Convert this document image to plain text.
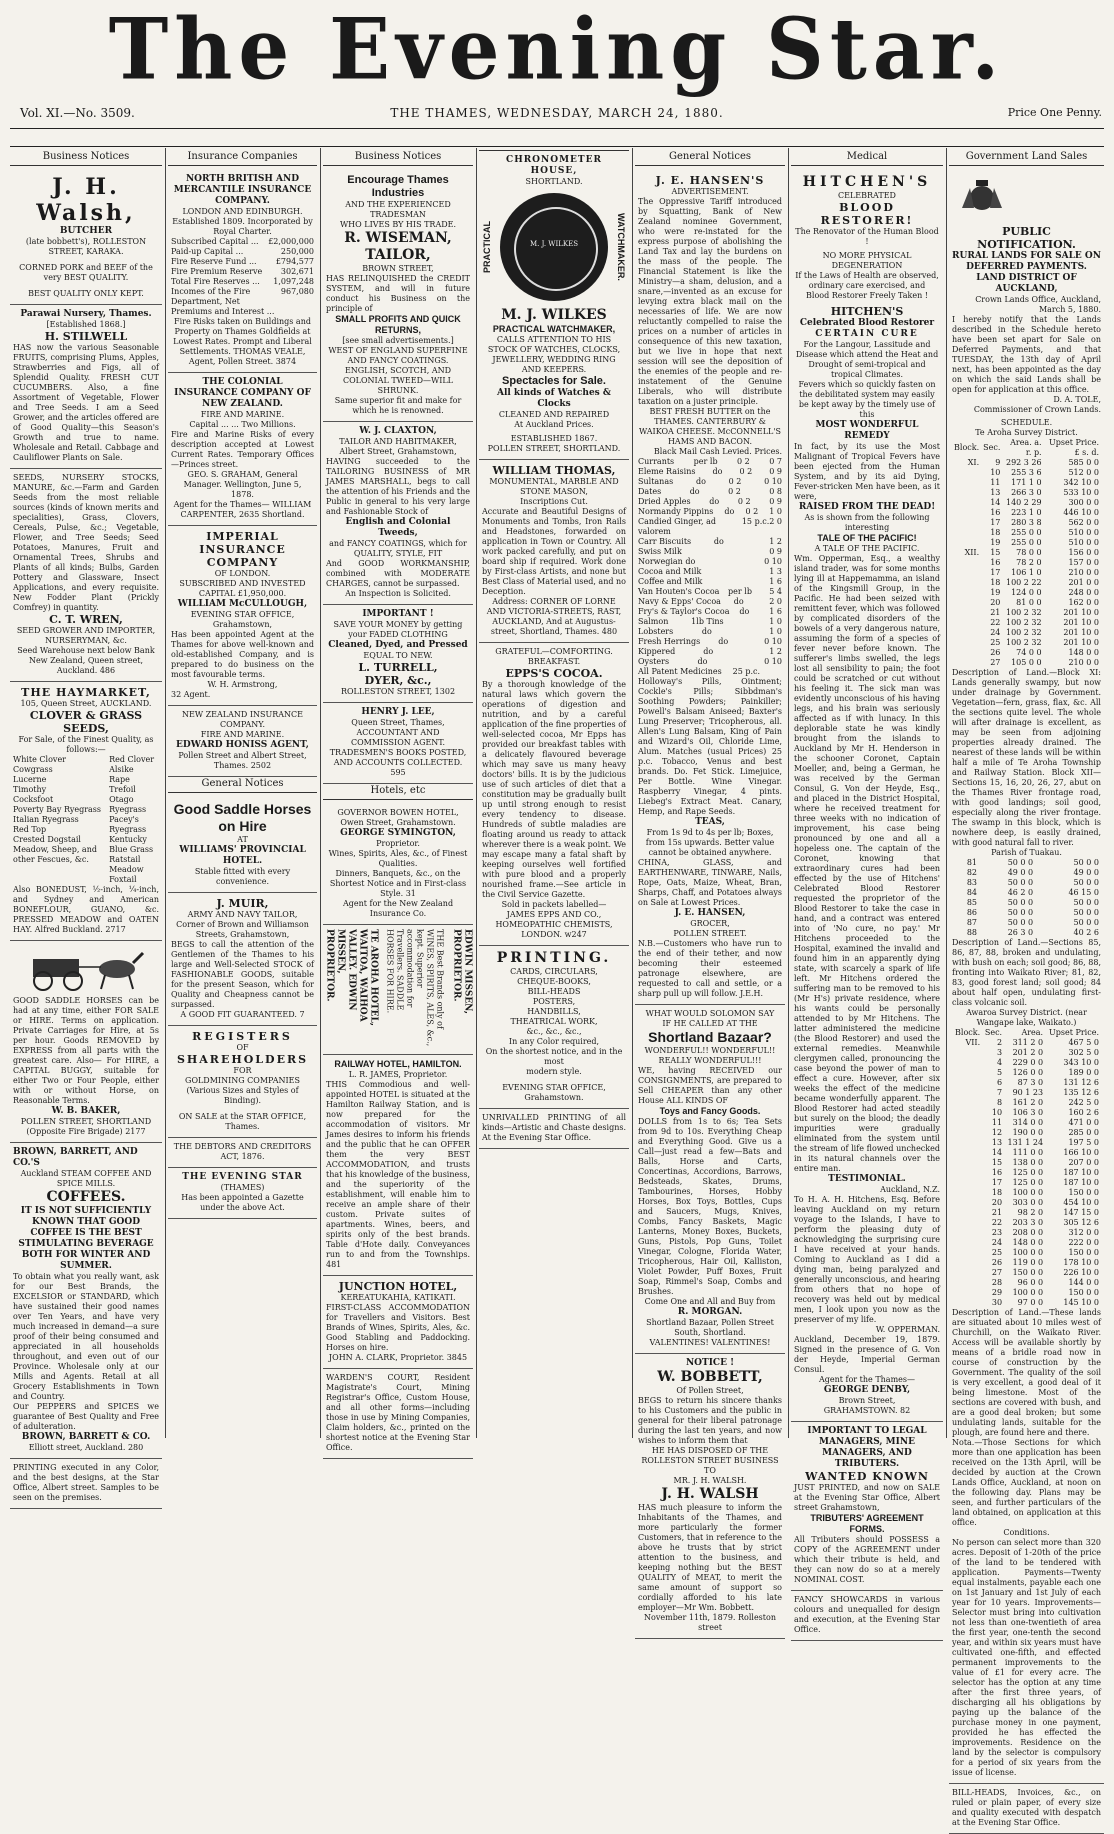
The Evening Star.
Vol. XI.—No. 3509.	THE THAMES, WEDNESDAY, MARCH 24, 1880.	Price One Penny.
Business Notices
J. H. Walsh,
BUTCHER
(late bobbett's), ROLLESTON STREET, KARAKA.
CORNED PORK and BEEF of the very BEST QUALITY.
BEST QUALITY ONLY KEPT.
Parawai Nursery, Thames.
[Established 1868.]
H. STILWELL
HAS now the various Seasonable FRUITS, comprising Plums, Apples, Strawberries and Figs, all of Splendid Quality. FRESH CUT CUCUMBERS. Also, a fine Assortment of Vegetable, Flower and Tree Seeds. I am a Seed Grower, and the articles offered are of Good Quality—this Season's Growth and true to name. Wholesale and Retail. Cabbage and Cauliflower Plants on Sale.
SEEDS, NURSERY STOCKS, MANURE, &c.—Farm and Garden Seeds from the most reliable sources (kinds of known merits and specialities), Grass, Clovers, Cereals, Pulse, &c.; Vegetable, Flower, and Tree Seeds; Seed Potatoes, Manures, Fruit and Ornamental Trees, Shrubs and Plants of all kinds; Bulbs, Garden Pottery and Glassware, Insect Applications, and every requisite. New Fodder Plant (Prickly Comfrey) in quantity.
C. T. WREN,
SEED GROWER AND IMPORTER, NURSERYMAN, &c.
Seed Warehouse next below Bank New Zealand, Queen street, Auckland. 486
THE HAYMARKET,
105, Queen Street, AUCKLAND.
CLOVER & GRASS SEEDS,
For Sale, of the Finest Quality, as follows:—
White Clover
Cowgrass
Lucerne
Timothy
Cocksfoot
Poverty Bay Ryegrass
Italian Ryegrass
Red Top
Crested Dogstail
Meadow, Sheep, and other Fescues, &c.
Red Clover
Alsike
Rape
Trefoil
Otago Ryegrass
Pacey's Ryegrass
Kentucky Blue Grass
Ratstail
Meadow Foxtail
Also BONEDUST, ½-inch, ¼-inch, and Sydney and American BONEFLOUR, GUANO, &c. PRESSED MEADOW and OATEN HAY. Alfred Buckland. 2717
GOOD SADDLE HORSES can be had at any time, either FOR SALE or HIRE. Terms on application. Private Carriages for Hire, at 5s per hour. Goods REMOVED by EXPRESS from all parts with the greatest care. Also— For HIRE, a CAPITAL BUGGY, suitable for either Two or Four People, either with or without Horse, on Reasonable Terms.
W. B. BAKER,
POLLEN STREET, SHORTLAND (Opposite Fire Brigade) 2177
BROWN, BARRETT, AND CO.'S
Auckland STEAM COFFEE AND SPICE MILLS.
COFFEES.
IT IS NOT SUFFICIENTLY KNOWN THAT GOOD COFFEE IS THE BEST STIMULATING BEVERAGE BOTH FOR WINTER AND SUMMER.
To obtain what you really want, ask for our Best Brands, the EXCELSIOR or STANDARD, which have sustained their good names over Ten Years, and have very much increased in demand—a sure proof of their being consumed and appreciated in all households throughout, and even out of our Province. Wholesale only at our Mills and Agents. Retail at all Grocery Establishments in Town and Country.
Our PEPPERS and SPICES we guarantee of Best Quality and Free of adulteration.
BROWN, BARRETT & CO.
Elliott street, Auckland. 280
PRINTING executed in any Color, and the best designs, at the Star Office, Albert street. Samples to be seen on the premises.
Insurance Companies
NORTH BRITISH AND MERCANTILE INSURANCE COMPANY.
LONDON AND EDINBURGH.
Established 1809. Incorporated by Royal Charter.
Subscribed Capital ... £2,000,000
Paid-up Capital ...	250,000
Fire Reserve Fund ... £794,577
Fire Premium Reserve 302,671
Total Fire Reserves ... 1,097,248
Incomes of the Fire Department, Net Premiums and Interest ...
967,080
Fire Risks taken on Buildings and Property on Thames Goldfields at Lowest Rates. Prompt and Liberal Settlements. THOMAS VEALE, Agent, Pollen Street. 3874
THE COLONIAL INSURANCE COMPANY OF NEW ZEALAND.
FIRE AND MARINE.
Capital ... ... Two Millions.
Fire and Marine Risks of every description accepted at Lowest Current Rates. Temporary Offices—Princes street.
GEO. S. GRAHAM, General Manager. Wellington, June 5, 1878.
Agent for the Thames— WILLIAM CARPENTER, 2635 Shortland.
IMPERIAL
INSURANCE COMPANY
OF LONDON.
SUBSCRIBED AND INVESTED CAPITAL £1,950,000.
WILLIAM McCULLOUGH,
EVENING STAR OFFICE,
Grahamstown,
Has been appointed Agent at the Thames for above well-known and old-established Company, and is prepared to do business on the most favourable terms.
W. H. Armstrong,
32 Agent.
NEW ZEALAND INSURANCE COMPANY.
FIRE AND MARINE.
EDWARD HONISS AGENT,
Pollen Street and Albert Street, Thames. 2502
General Notices
Good Saddle Horses on Hire
AT
WILLIAMS' PROVINCIAL HOTEL.
Stable fitted with every convenience.
J. MUIR,
ARMY AND NAVY TAILOR,
Corner of Brown and Williamson Streets, Grahamstown,
BEGS to call the attention of the Gentlemen of the Thames to his large and Well-Selected STOCK of FASHIONABLE GOODS, suitable for the present Season, which for Quality and Cheapness cannot be surpassed.
A GOOD FIT GUARANTEED. 7
REGISTERS
OF
SHAREHOLDERS
FOR
GOLDMINING COMPANIES
(Various Sizes and Styles of Binding).
ON SALE at the STAR OFFICE, Thames.
THE DEBTORS AND CREDITORS
ACT, 1876.
THE EVENING STAR
(THAMES)
Has been appointed a Gazette under the above Act.
Business Notices
Encourage Thames Industries
AND THE EXPERIENCED TRADESMAN
WHO LIVES BY HIS TRADE.
R. WISEMAN, TAILOR,
BROWN STREET,
HAS RELINQUISHED the CREDIT SYSTEM, and will in future conduct his Business on the principle of
SMALL PROFITS AND QUICK RETURNS,
[see small advertisements.]
WEST OF ENGLAND SUPERFINE AND FANCY COATINGS. ENGLISH, SCOTCH, AND COLONIAL TWEED—WILL SHRUNK.
Same superior fit and make for which he is renowned.
W. J. CLAXTON,
TAILOR AND HABITMAKER,
Albert Street, Grahamstown,
HAVING succeeded to the TAILORING BUSINESS of MR JAMES MARSHALL, begs to call the attention of his Friends and the Public in general to his very large and Fashionable Stock of
English and Colonial Tweeds,
and FANCY COATINGS, which for
QUALITY, STYLE, FIT
And GOOD WORKMANSHIP, combined with MODERATE CHARGES, cannot be surpassed.
An Inspection is Solicited.
IMPORTANT !
SAVE YOUR MONEY by getting your FADED CLOTHING
Cleaned, Dyed, and Pressed
EQUAL TO NEW.
L. TURRELL,
DYER, &c.,
ROLLESTON STREET, 1302
HENRY J. LEE,
Queen Street, Thames,
ACCOUNTANT AND COMMISSION AGENT.
TRADESMEN'S BOOKS POSTED, AND ACCOUNTS COLLECTED. 595
Hotels, etc
GOVERNOR BOWEN HOTEL,
Owen Street, Grahamstown.
GEORGE SYMINGTON,
Proprietor.
Wines, Spirits, Ales, &c., of Finest Qualities.
Dinners, Banquets, &c., on the Shortest Notice and in First-class Style. 31
Agent for the New Zealand Insurance Co.
TE AROHA HOTEL, WAITOA, WAIHOA VALLEY. EDWIN MISSEN, PROPRIETOR.	THE Best Brands only of WINES, SPIRITS, ALES, &c., kept. Superior accommodation for Travellers. SADDLE HORSES FOR HIRE.	EDWIN MISSEN, PROPRIETOR.
RAILWAY HOTEL, HAMILTON.
L. R. JAMES, Proprietor.
THIS Commodious and well-appointed HOTEL is situated at the Hamilton Railway Station, and is now prepared for the accommodation of visitors. Mr James desires to inform his friends and the public that he can OFFER them the very BEST ACCOMMODATION, and trusts that his knowledge of the business, and the superiority of the establishment, will enable him to receive an ample share of their custom. Private suites of apartments. Wines, beers, and spirits only of the best brands. Table d'Hote daily. Conveyances run to and from the Townships. 481
JUNCTION HOTEL,
KEREATUKAHIA, KATIKATI.
FIRST-CLASS ACCOMMODATION for Travellers and Visitors. Best Brands of Wines, Spirits, Ales, &c. Good Stabling and Paddocking. Horses on hire.
JOHN A. CLARK, Proprietor. 3845
WARDEN'S COURT, Resident Magistrate's Court, Mining Registrar's Office, Custom House, and all other forms—including those in use by Mining Companies, Claim holders, &c., printed on the shortest notice at the Evening Star Office.
CHRONOMETER HOUSE,
SHORTLAND.
PRACTICAL	M. J. WILKES	WATCHMAKER.
M. J. WILKES
PRACTICAL WATCHMAKER,
CALLS ATTENTION TO HIS STOCK OF WATCHES, CLOCKS, JEWELLERY, WEDDING RING AND KEEPERS.
Spectacles for Sale.
All kinds of Watches & Clocks
CLEANED AND REPAIRED
At Auckland Prices.
ESTABLISHED 1867.
POLLEN STREET, SHORTLAND.
WILLIAM THOMAS,
MONUMENTAL, MARBLE AND STONE MASON,
Inscriptions Cut.
Accurate and Beautiful Designs of Monuments and Tombs, Iron Rails and Headstones, forwarded on application in Town or Country. All work packed carefully, and put on board ship if required. Work done by First-class Artists, and none but Best Class of Material used, and no Deception.
Address: CORNER OF LORNE AND VICTORIA-STREETS, RAST, AUCKLAND, And at Augustus-street, Shortland, Thames. 480
GRATEFUL—COMFORTING.
BREAKFAST.
EPPS'S COCOA.
By a thorough knowledge of the natural laws which govern the operations of digestion and nutrition, and by a careful application of the fine properties of well-selected cocoa, Mr Epps has provided our breakfast tables with a delicately flavoured beverage which may save us many heavy doctors' bills. It is by the judicious use of such articles of diet that a constitution may be gradually built up until strong enough to resist every tendency to disease. Hundreds of subtle maladies are floating around us ready to attack wherever there is a weak point. We may escape many a fatal shaft by keeping ourselves well fortified with pure blood and a properly nourished frame.—See article in the Civil Service Gazette.
Sold in packets labelled—
JAMES EPPS AND CO.,
HOMEOPATHIC CHEMISTS,
LONDON. w247
PRINTING.
CARDS, CIRCULARS,
CHEQUE-BOOKS,
BILL-HEADS
POSTERS,
HANDBILLS,
THEATRICAL WORK,
&c., &c., &c.,
In any Color required,
On the shortest notice, and in the most
modern style.
EVENING STAR OFFICE,
Grahamstown.
UNRIVALLED PRINTING of all kinds—Artistic and Chaste designs. At the Evening Star Office.
General Notices
J. E. HANSEN'S
ADVERTISEMENT.
The Oppressive Tariff introduced by Squatting, Bank of New Zealand nominee Government, who were re-instated for the express purpose of abolishing the Land Tax and lay the burdens on the mass of the people. The Financial Statement is like the Ministry—a sham, delusion, and a snare,—invented as an excuse for levying extra black mail on the necessaries of life. We are now reluctantly compelled to raise the prices on a number of articles in consequence of this new taxation, but we live in hope that next session will see the deposition of the enemies of the people and re-instatement of the Genuine Liberals, who will distribute taxation on a juster principle.
BEST FRESH BUTTER on the THAMES. CANTERBURY & WAIKOA CHEESE. McCONNELL'S HAMS AND BACON.
Black Mail Cash Levied. Prices.
Currants per lb 0 2 0 7
Eleme Raisins do 0 2 0 9
Sultanas	do	0 2	0 10
Dates	do	0 2	0 8
Dried Apples do 0 2 0 9
Normandy Pippins do 0 2 1 0
Candied Ginger, ad valorem
15 p.c. 2 0
Carr Biscuits	do	1 2
Swiss Milk	0 9
Norwegian do	0 10
Cocoa and Milk	1 3
Coffee and Milk	1 6
Van Houten's Cocoa per lb 5 4
Navy & Epps' Cocoa do	2 0
Fry's & Taylor's Cocoa do 1 6
Salmon	1lb Tins	1 0
Lobsters	do	1 0
Fresh Herrings do	0 10
Kippered	do	1 2
Oysters	do	0 10
All Patent Medicines 25 p.c.
Holloway's Pills, Ointment; Cockle's Pills; Sibbdman's Soothing Powders; Painkiller; Powell's Balsam Aniseed; Baxter's Lung Preserver; Tricopherous, all. Allen's Lung Balsam, King of Pain and Wizard's Oil, Chloride Lime, Alum. Matches (usual Prices) 25 p.c. Tobacco, Venus and best brands. Do. Fet Stick. Limejuice, Per Bottle. Wine Vinegar. Raspberry Vinegar, 4 pints. Liebeg's Extract Meat. Canary, Hemp, and Rape Seeds.
TEAS,
From 1s 9d to 4s per lb; Boxes, from 15s upwards. Better value cannot be obtained anywhere.
CHINA, GLASS, and EARTHENWARE, TINWARE, Nails, Rope, Oats, Maize, Wheat, Bran, Sharps, Chaff, and Potatoes always on Sale at Lowest Prices.
J. E. HANSEN,
GROCER,
POLLEN STREET.
N.B.—Customers who have run to the end of their tether, and now becoming their esteemed patronage elsewhere, are requested to call and settle, or a sharp pull up will follow. J.E.H.
WHAT WOULD SOLOMON SAY
IF HE CALLED AT THE
Shortland Bazaar?
WONDERFUL!! WONDERFUL!! REALLY WONDERFUL!!!
WE, having RECEIVED our CONSIGNMENTS, are prepared to Sell CHEAPER than any other House ALL KINDS OF
Toys and Fancy Goods.
DOLLS from 1s to 6s; Tea Sets from 9d to 10s. Everything Cheap and Everything Good. Give us a Call—just read a few—Bats and Balls, Horse and Carts, Concertinas, Accordions, Barrows, Bedsteads, Skates, Drums, Tambourines, Horses, Hobby Horses, Box Toys, Bottles, Cups and Saucers, Mugs, Knives, Combs, Fancy Baskets, Magic Lanterns, Money Boxes, Buckets, Guns, Pistols, Pop Guns, Toilet Vinegar, Cologne, Florida Water, Tricopherous, Hair Oil, Kalliston, Violet Powder, Puff Boxes, Fruit Soap, Rimmel's Soap, Combs and Brushes.
Come One and All and Buy from
R. MORGAN.
Shortland Bazaar, Pollen Street South, Shortland.
VALENTINES! VALENTINES!
NOTICE !
W. BOBBETT,
Of Pollen Street,
BEGS to return his sincere thanks to his Customers and the public in general for their liberal patronage during the last ten years, and now wishes to inform them that
HE HAS DISPOSED OF THE
ROLLESTON STREET BUSINESS
TO
MR. J. H. WALSH.
J. H. WALSH
HAS much pleasure to inform the Inhabitants of the Thames, and more particularly the former Customers, that in reference to the above he trusts that by strict attention to the business, and keeping nothing but the BEST QUALITY of MEAT, to merit the same amount of support so cordially afforded to his late employer—Mr Wm. Bobbett.
November 11th, 1879. Rolleston street
Medical
HITCHEN'S
CELEBRATED
BLOOD RESTORER!
The Renovator of the Human Blood !
NO MORE PHYSICAL DEGENERATION
If the Laws of Health are observed, ordinary care exercised, and
Blood Restorer Freely Taken !
HITCHEN'S
Celebrated Blood Restorer
CERTAIN CURE
For the Langour, Lassitude and Disease which attend the Heat and Drought of semi-tropical and tropical Climates.
Fevers which so quickly fasten on the debilitated system may easily be kept away by the timely use of this
MOST WONDERFUL REMEDY
In fact, by its use the Most Malignant of Tropical Fevers have been ejected from the Human System, and by its aid Dying, Fever-stricken Men have been, as it were,
RAISED FROM THE DEAD!
As is shown from the following interesting
TALE OF THE PACIFIC!
A TALE OF THE PACIFIC.
Wm. Opperman, Esq., a wealthy island trader, was for some months lying ill at Happemamma, an island of the Kingsmill Group, in the Pacific. He had been seized with remittent fever, which was followed by complicated disorders of the bowels of a very dangerous nature, assuming the form of a species of fever never before known. The sufferer's limbs swelled, the legs lost all sensibility to pain; the foot could be scratched or cut without his feeling it. The sick man was evidently unconscious of his having legs, and his brain was seriously affected as if with lunacy. In this deplorable state he was kindly brought from the islands to Auckland by Mr H. Henderson in the schooner Coronet, Captain Moeller, and, being a German, he was received by the German Consul, G. Von der Heyde, Esq., and placed in the District Hospital, where he received treatment for three weeks with no indication of improvement, his case being pronounced by one and all a hopeless one. The captain of the Coronet, knowing that extraordinary cures had been effected by the use of Hitchens' Celebrated Blood Restorer requested the proprietor of the Blood Restorer to take the case in hand, and a contract was entered into of 'No cure, no pay.' Mr Hitchens proceeded to the Hospital, examined the invalid and found him in an apparently dying state, with scarcely a spark of life left. Mr Hitchens ordered the suffering man to be removed to his (Mr H's) private residence, where his wants could be personally attended to by Mr Hitchens. The latter administered the medicine (the Blood Restorer) and used the external remedies. Meanwhile clergymen called, pronouncing the case beyond the power of man to effect a cure. However, after six weeks the effect of the medicine became wonderfully apparent. The Blood Restorer had acted steadily but surely on the blood; the deadly impurities were gradually eliminated from the system until the stream of life flowed unchecked in its natural channels over the entire man.
TESTIMONIAL.
Auckland, N.Z.
To H. A. H. Hitchens, Esq. Before leaving Auckland on my return voyage to the Islands, I have to perform the pleasing duty of acknowledging the surprising cure I have received at your hands. Coming to Auckland as I did a dying man, being paralyzed and generally unconscious, and hearing from others that no hope of recovery was held out by medical men, I look upon you now as the preserver of my life.
W. OPPERMAN.
Auckland, December 19, 1879. Signed in the presence of G. Von der Heyde, Imperial German Consul.
Agent for the Thames—
GEORGE DENBY,
Brown Street,
GRAHAMSTOWN. 82
IMPORTANT TO LEGAL MANAGERS, MINE MANAGERS, AND TRIBUTERS.
WANTED KNOWN
JUST PRINTED, and now on SALE at the Evening Star Office, Albert street Grahamstown,
TRIBUTERS' AGREEMENT FORMS.
All Tributers should POSSESS a COPY of the AGREEMENT under which their tribute is held, and they can now do so at a merely NOMINAL COST.
FANCY SHOWCARDS in various colours and unequalled for design and execution, at the Evening Star Office.
Government Land Sales
PUBLIC NOTIFICATION.
RURAL LANDS FOR SALE ON DEFERRED PAYMENTS.
LAND DISTRICT OF AUCKLAND,
Crown Lands Office, Auckland, March 5, 1880.
I hereby notify that the Lands described in the Schedule hereto have been set apart for Sale on Deferred Payments, and that TUESDAY, the 13th day of April next, has been appointed as the day on which the said Lands shall be open for application at this office.
D. A. TOLE,
Commissioner of Crown Lands.
SCHEDULE.
Te Aroha Survey District.
Block.	Sec.	Area. a. r. p.	Upset Price. £ s. d.
XI.	9	292 3 26	585 0 0
	10	255 3 6	512 0 0
	11	171 1 0	342 10 0
	13	266 3 0	533 10 0
	14	140 2 29	300 0 0
	16	223 1 0	446 10 0
	17	280 3 8	562 0 0
	18	255 0 0	510 0 0
	19	255 0 0	510 0 0
XII.	15	78 0 0	156 0 0
	16	78 2 0	157 0 0
	17	106 1 0	210 0 0
	18	100 2 22	201 0 0
	19	124 0 0	248 0 0
	20	81 0 0	162 0 0
	21	100 2 32	201 10 0
	22	100 2 32	201 10 0
	24	100 2 32	201 10 0
	25	100 2 32	201 10 0
	26	74 0 0	148 0 0
	27	105 0 0	210 0 0
Description of Land.—Block XI: Lands generally swampy, but now under drainage by Government. Vegetation—fern, grass, flax, &c. All the sections quite level. The whole will after drainage is excellent, as may be seen from adjoining properties already drained. The nearest of these lands will be within half a mile of Te Aroha Township and Railway Station. Block XII—Sections 15, 16, 20, 26, 27, abut on the Thames River frontage road, with good landings; soil good, especially along the river frontage. The swamp in this block, which is nowhere deep, is easily drained, with good natural fall to river.
Parish of Tuakau.
81	50 0 0	50 0 0
82	49 0 0	49 0 0
83	50 0 0	50 0 0
84	46 2 0	46 15 0
85	50 0 0	50 0 0
86	50 0 0	50 0 0
87	50 0 0	50 0 0
88	26 3 0	40 2 6
Description of Land.—Sections 85, 86, 87, 88, broken and undulating, with bush on each; soil good; 86, 88, fronting into Waikato River; 81, 82, 83, good forest land; soil good; 84 about half open, undulating first-class volcanic soil.
Awaroa Survey District. (near Wangape lake, Waikato.)
Block.	Sec.	Area.	Upset Price.
VII.	2	311 2 0	467 5 0
	3	201 2 0	302 5 0
	4	229 0 0	343 10 0
	5	126 0 0	189 0 0
	6	87 3 0	131 12 6
	7	90 1 23	135 12 6
	8	161 2 0	242 5 0
	10	106 3 0	160 2 6
	11	314 0 0	471 0 0
	12	190 0 0	285 0 0
	13	131 1 24	197 5 0
	14	111 0 0	166 10 0
	15	138 0 0	207 0 0
	16	125 0 0	187 10 0
	17	125 0 0	187 10 0
	18	100 0 0	150 0 0
	20	303 0 0	454 10 0
	21	98 2 0	147 15 0
	22	203 3 0	305 12 6
	23	208 0 0	312 0 0
	24	148 0 0	222 0 0
	25	100 0 0	150 0 0
	26	119 0 0	178 10 0
	27	150 0 0	226 10 0
	28	96 0 0	144 0 0
	29	100 0 0	150 0 0
	30	97 0 0	145 10 0
Description of Land.—These lands are situated about 10 miles west of Churchill, on the Waikato River. Access will be available shortly by means of a bridle road now in course of construction by the Government. The quality of the soil is very excellent, a good deal of it being limestone. Most of the sections are covered with bush, and are a good deal broken; but some undulating lands, suitable for the plough, are found here and there.
Nota.—Those Sections for which more than one application has been received on the 13th April, will be decided by auction at the Crown Lands Office, Auckland, at noon on the following day. Plans may be seen, and further particulars of the land obtained, on application at this office.
Conditions.
No person can select more than 320 acres. Deposit of 1-20th of the price of the land to be tendered with application. Payments—Twenty equal instalments, payable each one on 1st January and 1st July of each year for 10 years. Improvements—Selector must bring into cultivation not less than one-twentieth of area the first year, one-tenth the second year, and within six years must have cultivated one-fifth, and effected permanent improvements to the value of £1 for every acre. The selector has the option at any time after the first three years, of discharging all his obligations by paying up the balance of the purchase money in one payment, provided he has effected the improvements. Residence on the land by the selector is compulsory for a period of six years from the issue of license.
BILL-HEADS, Invoices, &c., on ruled or plain paper, of every size and quality executed with despatch at the Evening Star Office.
